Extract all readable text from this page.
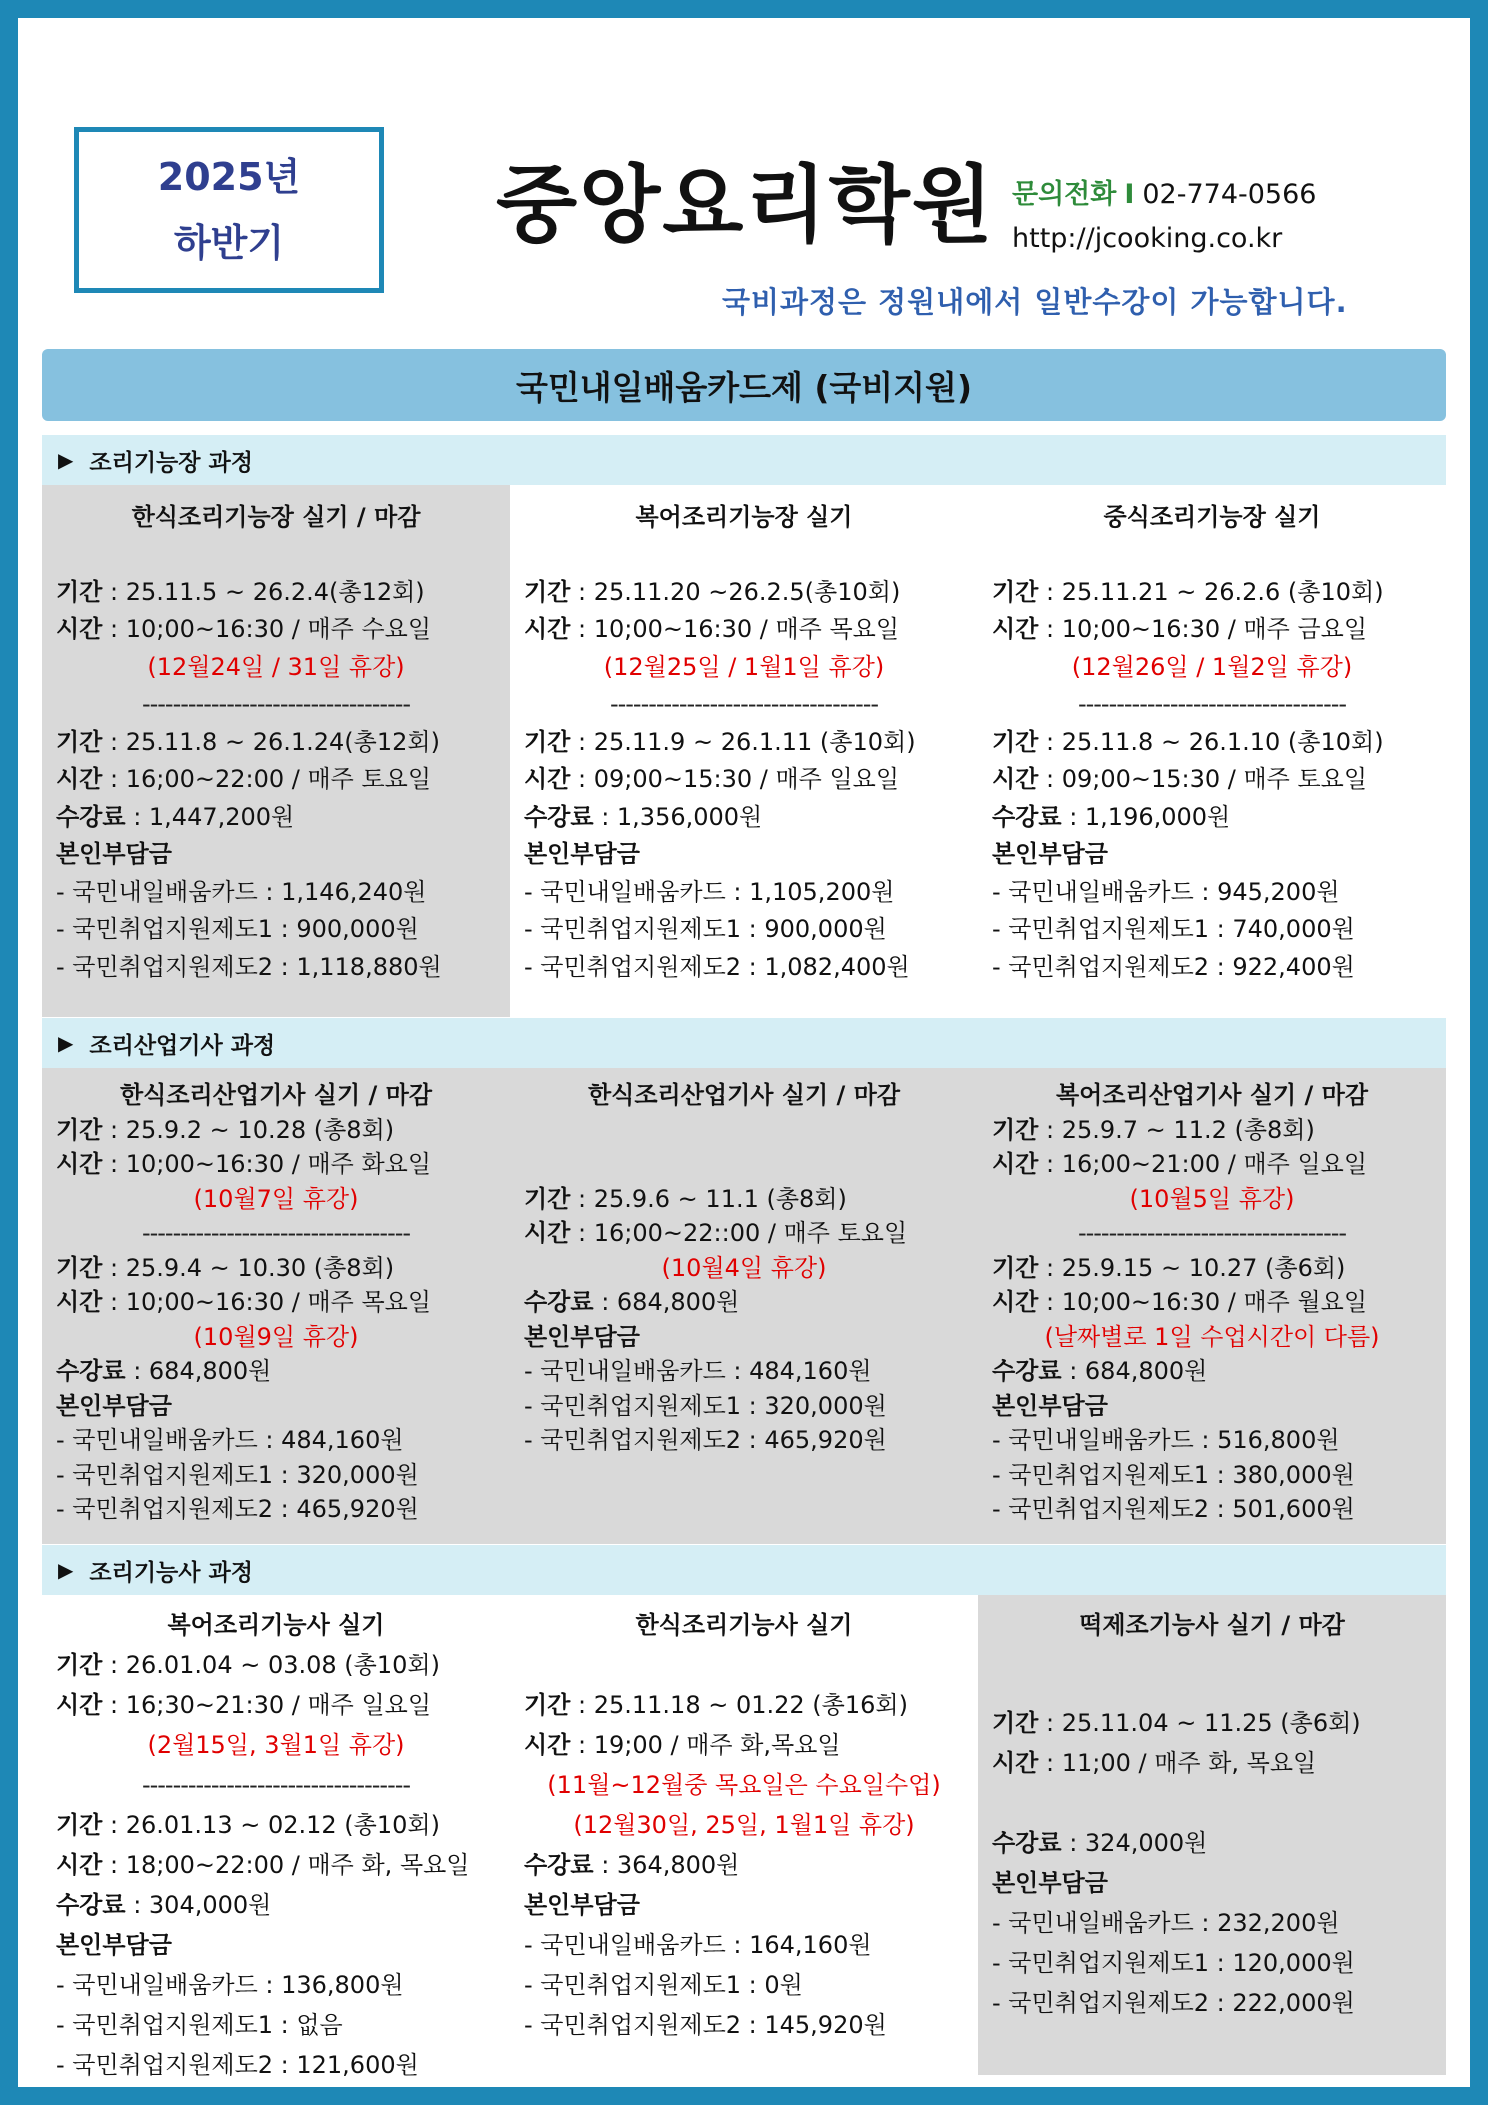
2025년
하반기	중앙요리학원 문의전화 I 02-774-0566
http://jcooking.co.kr
국비과정은 정원내에서 일반수강이 가능합니다.
국민내일배움카드제 (국비지원)
▶ 조리기능장 과정
한식조리기능장 실기 / 마감
기간 : 25.11.5 ~ 26.2.4(총12회)
시간 : 10;00~16:30 / 매주 수요일
(12월24일 / 31일 휴강)
-----------------------------------
기간 : 25.11.8 ~ 26.1.24(총12회)
시간 : 16;00~22:00 / 매주 토요일
수강료 : 1,447,200원
본인부담금
- 국민내일배움카드 : 1,146,240원
- 국민취업지원제도1 : 900,000원
- 국민취업지원제도2 : 1,118,880원
복어조리기능장 실기
기간 : 25.11.20 ~26.2.5(총10회)
시간 : 10;00~16:30 / 매주 목요일
(12월25일 / 1월1일 휴강)
-----------------------------------
기간 : 25.11.9 ~ 26.1.11 (총10회)
시간 : 09;00~15:30 / 매주 일요일
수강료 : 1,356,000원
본인부담금
- 국민내일배움카드 : 1,105,200원
- 국민취업지원제도1 : 900,000원
- 국민취업지원제도2 : 1,082,400원
중식조리기능장 실기
기간 : 25.11.21 ~ 26.2.6 (총10회)
시간 : 10;00~16:30 / 매주 금요일
(12월26일 / 1월2일 휴강)
-----------------------------------
기간 : 25.11.8 ~ 26.1.10 (총10회)
시간 : 09;00~15:30 / 매주 토요일
수강료 : 1,196,000원
본인부담금
- 국민내일배움카드 : 945,200원
- 국민취업지원제도1 : 740,000원
- 국민취업지원제도2 : 922,400원
▶ 조리산업기사 과정
한식조리산업기사 실기 / 마감
기간 : 25.9.2 ~ 10.28 (총8회)
시간 : 10;00~16:30 / 매주 화요일
(10월7일 휴강)
-----------------------------------
기간 : 25.9.4 ~ 10.30 (총8회)
시간 : 10;00~16:30 / 매주 목요일
(10월9일 휴강)
수강료 : 684,800원
본인부담금
- 국민내일배움카드 : 484,160원
- 국민취업지원제도1 : 320,000원
- 국민취업지원제도2 : 465,920원
한식조리산업기사 실기 / 마감
기간 : 25.9.6 ~ 11.1 (총8회)
시간 : 16;00~22::00 / 매주 토요일
(10월4일 휴강)
수강료 : 684,800원
본인부담금
- 국민내일배움카드 : 484,160원
- 국민취업지원제도1 : 320,000원
- 국민취업지원제도2 : 465,920원
복어조리산업기사 실기 / 마감
기간 : 25.9.7 ~ 11.2 (총8회)
시간 : 16;00~21:00 / 매주 일요일
(10월5일 휴강)
-----------------------------------
기간 : 25.9.15 ~ 10.27 (총6회)
시간 : 10;00~16:30 / 매주 월요일
(날짜별로 1일 수업시간이 다름)
수강료 : 684,800원
본인부담금
- 국민내일배움카드 : 516,800원
- 국민취업지원제도1 : 380,000원
- 국민취업지원제도2 : 501,600원
▶ 조리기능사 과정
복어조리기능사 실기
기간 : 26.01.04 ~ 03.08 (총10회)
시간 : 16;30~21:30 / 매주 일요일
(2월15일, 3월1일 휴강)
-----------------------------------
기간 : 26.01.13 ~ 02.12 (총10회)
시간 : 18;00~22:00 / 매주 화, 목요일
수강료 : 304,000원
본인부담금
- 국민내일배움카드 : 136,800원
- 국민취업지원제도1 : 없음
- 국민취업지원제도2 : 121,600원
한식조리기능사 실기
기간 : 25.11.18 ~ 01.22 (총16회)
시간 : 19;00 / 매주 화,목요일
(11월~12월중 목요일은 수요일수업)
(12월30일, 25일, 1월1일 휴강)
수강료 : 364,800원
본인부담금
- 국민내일배움카드 : 164,160원
- 국민취업지원제도1 : 0원
- 국민취업지원제도2 : 145,920원
떡제조기능사 실기 / 마감
기간 : 25.11.04 ~ 11.25 (총6회)
시간 : 11;00 / 매주 화, 목요일
수강료 : 324,000원
본인부담금
- 국민내일배움카드 : 232,200원
- 국민취업지원제도1 : 120,000원
- 국민취업지원제도2 : 222,000원
